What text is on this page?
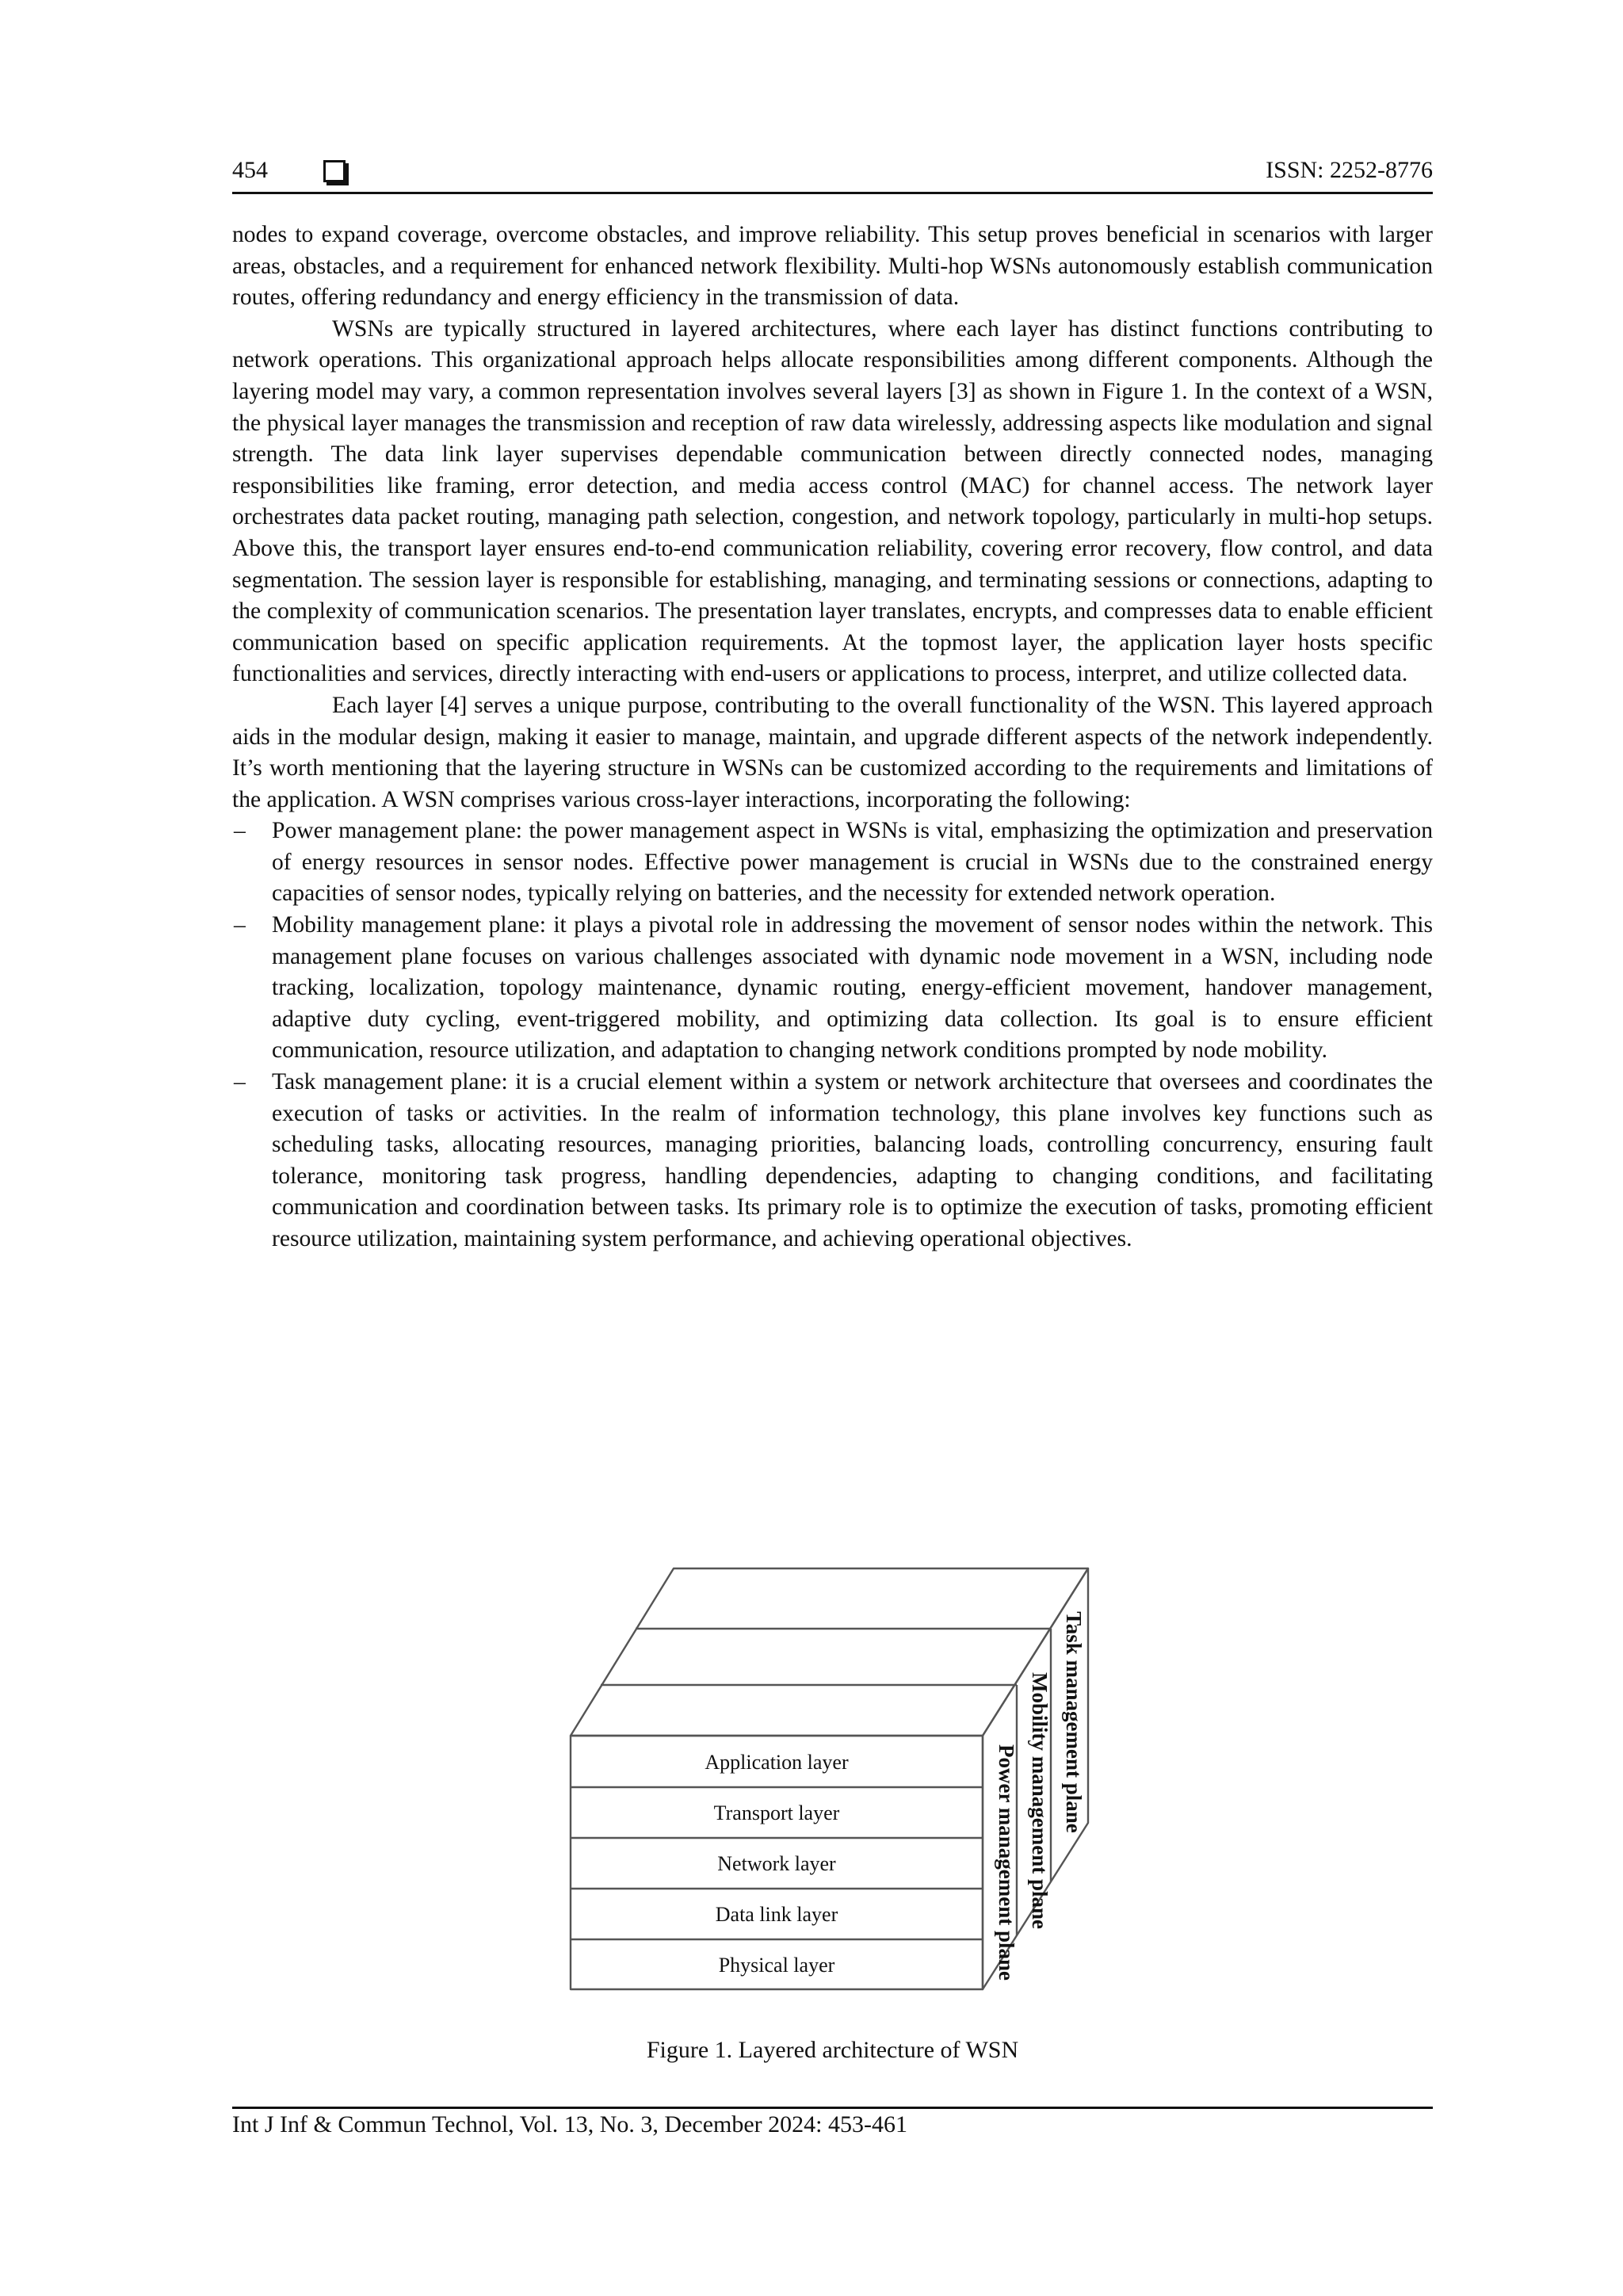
454	ISSN: 2252-8776

nodes to expand coverage, overcome obstacles, and improve reliability. This setup proves beneficial in scenarios with larger areas, obstacles, and a requirement for enhanced network flexibility. Multi-hop WSNs autonomously establish communication routes, offering redundancy and energy efficiency in the transmission of data.

WSNs are typically structured in layered architectures, where each layer has distinct functions contributing to network operations. This organizational approach helps allocate responsibilities among different components. Although the layering model may vary, a common representation involves several layers [3] as shown in Figure 1. In the context of a WSN, the physical layer manages the transmission and reception of raw data wirelessly, addressing aspects like modulation and signal strength. The data link layer supervises dependable communication between directly connected nodes, managing responsibilities like framing, error detection, and media access control (MAC) for channel access. The network layer orchestrates data packet routing, managing path selection, congestion, and network topology, particularly in multi-hop setups. Above this, the transport layer ensures end-to-end communication reliability, covering error recovery, flow control, and data segmentation. The session layer is responsible for establishing, managing, and terminating sessions or connections, adapting to the complexity of communication scenarios. The presentation layer translates, encrypts, and compresses data to enable efficient communication based on specific application requirements. At the topmost layer, the application layer hosts specific functionalities and services, directly interacting with end-users or applications to process, interpret, and utilize collected data.

Each layer [4] serves a unique purpose, contributing to the overall functionality of the WSN. This layered approach aids in the modular design, making it easier to manage, maintain, and upgrade different aspects of the network independently. It’s worth mentioning that the layering structure in WSNs can be customized according to the requirements and limitations of the application. A WSN comprises various cross-layer interactions, incorporating the following:

– Power management plane: the power management aspect in WSNs is vital, emphasizing the optimization and preservation of energy resources in sensor nodes. Effective power management is crucial in WSNs due to the constrained energy capacities of sensor nodes, typically relying on batteries, and the necessity for extended network operation.
– Mobility management plane: it plays a pivotal role in addressing the movement of sensor nodes within the network. This management plane focuses on various challenges associated with dynamic node movement in a WSN, including node tracking, localization, topology maintenance, dynamic routing, energy-efficient movement, handover management, adaptive duty cycling, event-triggered mobility, and optimizing data collection. Its goal is to ensure efficient communication, resource utilization, and adaptation to changing network conditions prompted by node mobility.
– Task management plane: it is a crucial element within a system or network architecture that oversees and coordinates the execution of tasks or activities. In the realm of information technology, this plane involves key functions such as scheduling tasks, allocating resources, managing priorities, balancing loads, controlling concurrency, ensuring fault tolerance, monitoring task progress, handling dependencies, adapting to changing conditions, and facilitating communication and coordination between tasks. Its primary role is to optimize the execution of tasks, promoting efficient resource utilization, maintaining system performance, and achieving operational objectives.
Application layer
Transport layer
Network layer
Data link layer
Physical layer	Power management plane Mobility management plane Task management plane
Figure 1. Layered architecture of WSN
Int J Inf & Commun Technol, Vol. 13, No. 3, December 2024: 453-461
